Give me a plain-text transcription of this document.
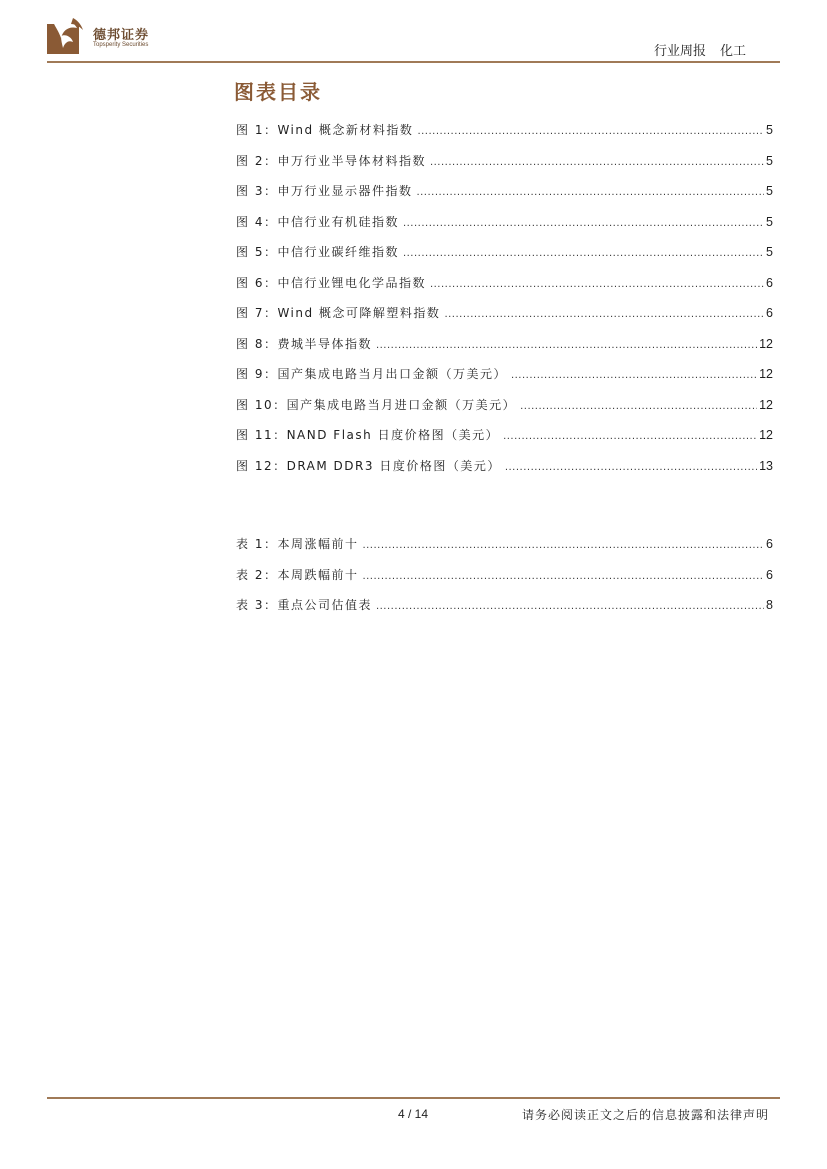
德邦证券
Topsperity Securities	行业周报 化工
图表目录
图 1：Wind 概念新材料指数 .....	5
图 2：申万行业半导体材料指数 .....	5
图 3：申万行业显示器件指数 .....	5
图 4：中信行业有机硅指数 .....	5
图 5：中信行业碳纤维指数 .....	5
图 6：中信行业锂电化学品指数 .....	6
图 7：Wind 概念可降解塑料指数 .....	6
图 8：费城半导体指数 .....	12
图 9：国产集成电路当月出口金额（万美元） .....	12
图 10：国产集成电路当月进口金额（万美元） .....	12
图 11：NAND Flash 日度价格图（美元） .....	12
图 12：DRAM DDR3 日度价格图（美元） .....	13
表 1：本周涨幅前十 .....	6
表 2：本周跌幅前十 .....	6
表 3：重点公司估值表 .....	8
4 / 14	请务必阅读正文之后的信息披露和法律声明
